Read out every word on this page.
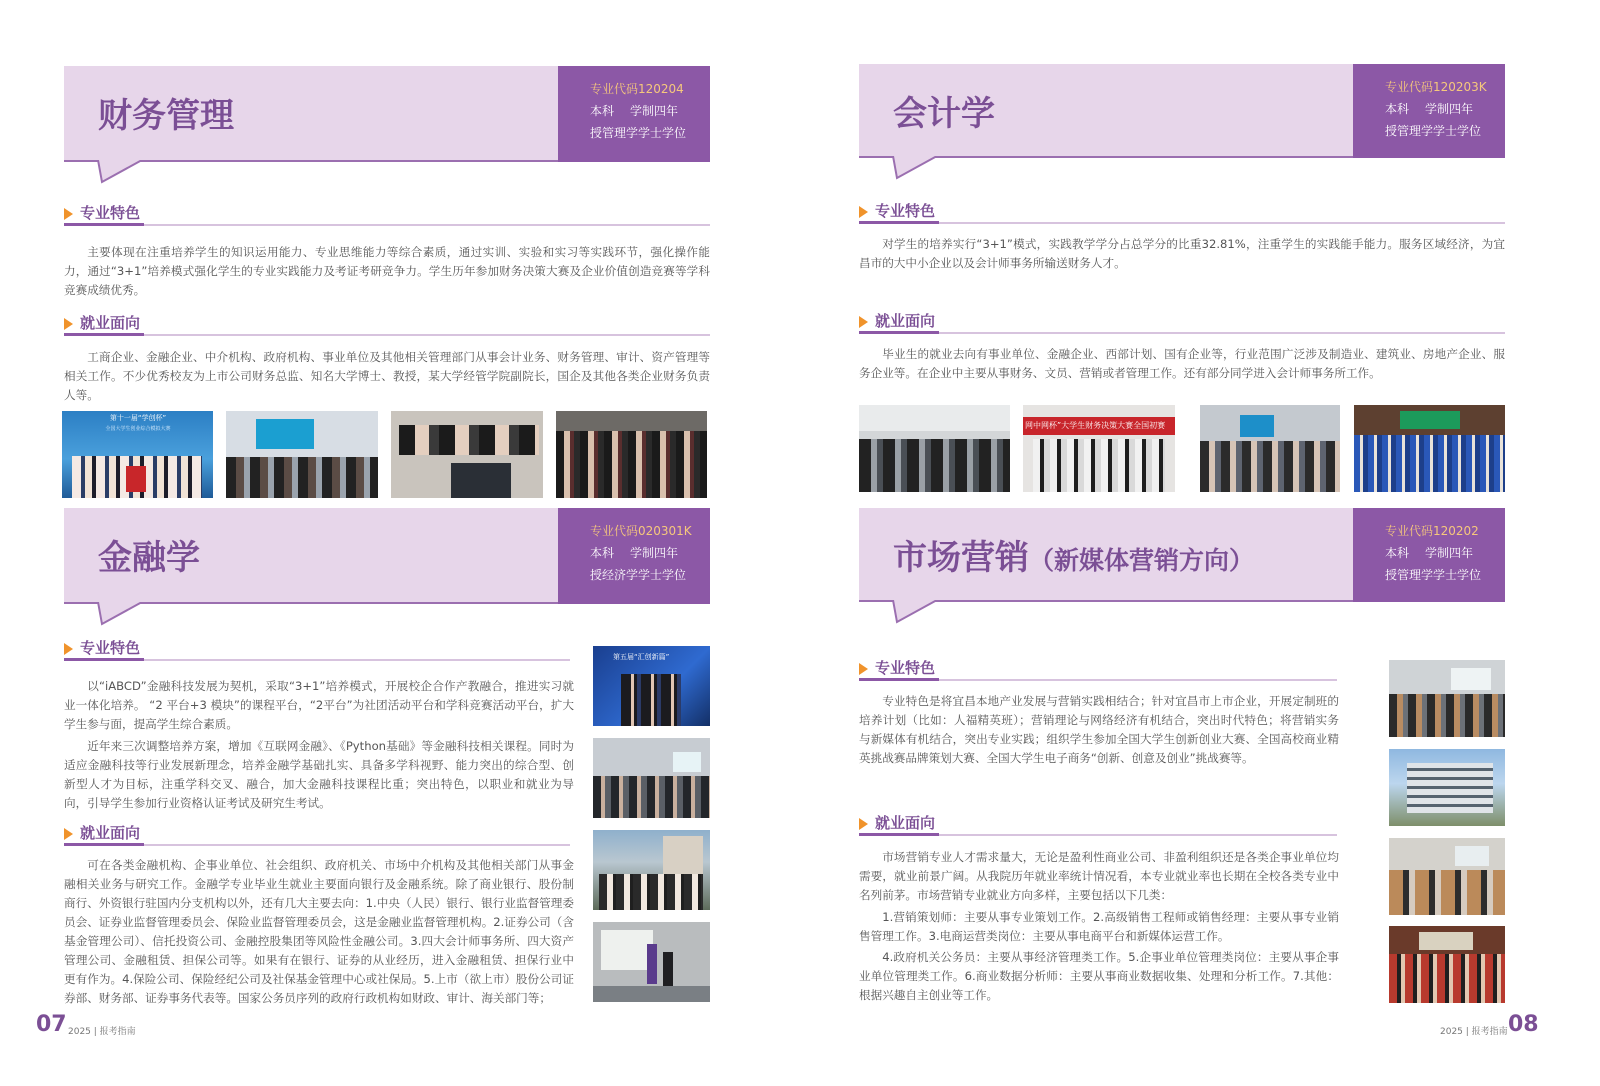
财务管理
专业代码120204
本科 学制四年
授管理学学士学位
专业特色
主要体现在注重培养学生的知识运用能力、专业思维能力等综合素质，通过实训、实验和实习等实践环节，强化操作能力，通过“3+1”培养模式强化学生的专业实践能力及考证考研竞争力。学生历年参加财务决策大赛及企业价值创造竞赛等学科竞赛成绩优秀。
就业面向
工商企业、金融企业、中介机构、政府机构、事业单位及其他相关管理部门从事会计业务、财务管理、审计、资产管理等相关工作。不少优秀校友为上市公司财务总监、知名大学博士、教授，某大学经管学院副院长，国企及其他各类企业财务负责人等。
第十一届“学创杯”
全国大学生创业综合模拟大赛
金融学
专业代码020301K
本科 学制四年
授经济学学士学位
专业特色
以“iABCD”金融科技发展为契机，采取“3+1”培养模式，开展校企合作产教融合，推进实习就业一体化培养。 “2 平台+3 模块”的课程平台，“2平台”为社团活动平台和学科竞赛活动平台，扩大学生参与面，提高学生综合素质。
近年来三次调整培养方案，增加《互联网金融》、《Python基础》等金融科技相关课程。同时为适应金融科技等行业发展新理念，培养金融学基础扎实、具备多学科视野、能力突出的综合型、创新型人才为目标，注重学科交叉、融合，加大金融科技课程比重；突出特色，以职业和就业为导向，引导学生参加行业资格认证考试及研究生考试。
就业面向
可在各类金融机构、企事业单位、社会组织、政府机关、市场中介机构及其他相关部门从事金融相关业务与研究工作。金融学专业毕业生就业主要面向银行及金融系统。除了商业银行、股份制商行、外资银行驻国内分支机构以外，还有几大主要去向：1.中央（人民）银行、银行业监督管理委员会、证券业监督管理委员会、保险业监督管理委员会，这是金融业监督管理机构。2.证券公司（含基金管理公司）、信托投资公司、金融控股集团等风险性金融公司。3.四大会计师事务所、四大资产管理公司、金融租赁、担保公司等。如果有在银行、证券的从业经历，进入金融租赁、担保行业中更有作为。4.保险公司、保险经纪公司及社保基金管理中心或社保局。5.上市（欲上市）股份公司证券部、财务部、证券事务代表等。国家公务员序列的政府行政机构如财政、审计、海关部门等；
第五届“汇创新篇”
07 2025 | 报考指南
会计学
专业代码120203K
本科 学制四年
授管理学学士学位
专业特色
对学生的培养实行“3+1”模式，实践教学学分占总学分的比重32.81%，注重学生的实践能手能力。服务区域经济，为宜昌市的大中小企业以及会计师事务所输送财务人才。
就业面向
毕业生的就业去向有事业单位、金融企业、西部计划、国有企业等，行业范围广泛涉及制造业、建筑业、房地产企业、服务企业等。在企业中主要从事财务、文员、营销或者管理工作。还有部分同学进入会计师事务所工作。
网中网杯”大学生财务决策大赛全国初赛
市场营销（新媒体营销方向）
专业代码120202
本科 学制四年
授管理学学士学位
专业特色
专业特色是将宜昌本地产业发展与营销实践相结合；针对宜昌市上市企业，开展定制班的培养计划（比如：人福精英班）；营销理论与网络经济有机结合，突出时代特色；将营销实务与新媒体有机结合，突出专业实践；组织学生参加全国大学生创新创业大赛、全国高校商业精英挑战赛品牌策划大赛、全国大学生电子商务“创新、创意及创业”挑战赛等。
就业面向
市场营销专业人才需求量大，无论是盈利性商业公司、非盈利组织还是各类企事业单位均需要，就业前景广阔。从我院历年就业率统计情况看，本专业就业率也长期在全校各类专业中名列前茅。市场营销专业就业方向多样，主要包括以下几类：
1.营销策划师：主要从事专业策划工作。2.高级销售工程师或销售经理：主要从事专业销售管理工作。3.电商运营类岗位：主要从事电商平台和新媒体运营工作。
4.政府机关公务员：主要从事经济管理类工作。5.企事业单位管理类岗位：主要从事企事业单位管理类工作。6.商业数据分析师：主要从事商业数据收集、处理和分析工作。7.其他：根据兴趣自主创业等工作。
2025 | 报考指南 08
